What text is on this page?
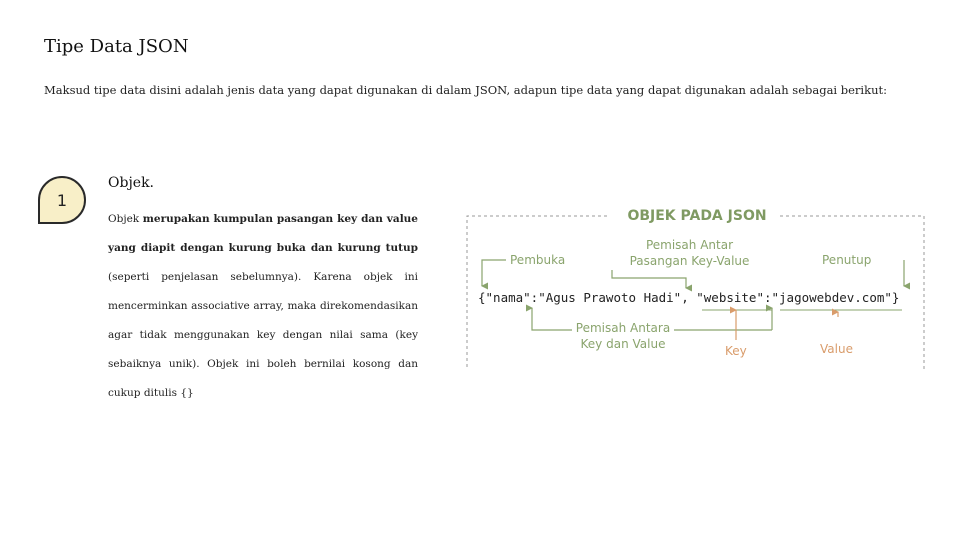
Tipe Data JSON
Maksud tipe data disini adalah jenis data yang dapat digunakan di dalam JSON, adapun tipe data yang dapat digunakan adalah sebagai berikut:
1
Objek.
Objek merupakan kumpulan pasangan key dan value yang diapit dengan kurung buka dan kurung tutup (seperti penjelasan sebelumnya). Karena objek ini mencerminkan associative array, maka direkomendasikan agar tidak menggunakan key dengan nilai sama (key sebaiknya unik). Objek ini boleh bernilai kosong dan cukup ditulis {}
OBJEK PADA JSON
Pembuka
Pemisah Antar
Pasangan Key-Value	Penutup
{"nama":"Agus Prawoto Hadi", "website":"jagowebdev.com"}
Pemisah Antara
Key dan Value	Key	Value
